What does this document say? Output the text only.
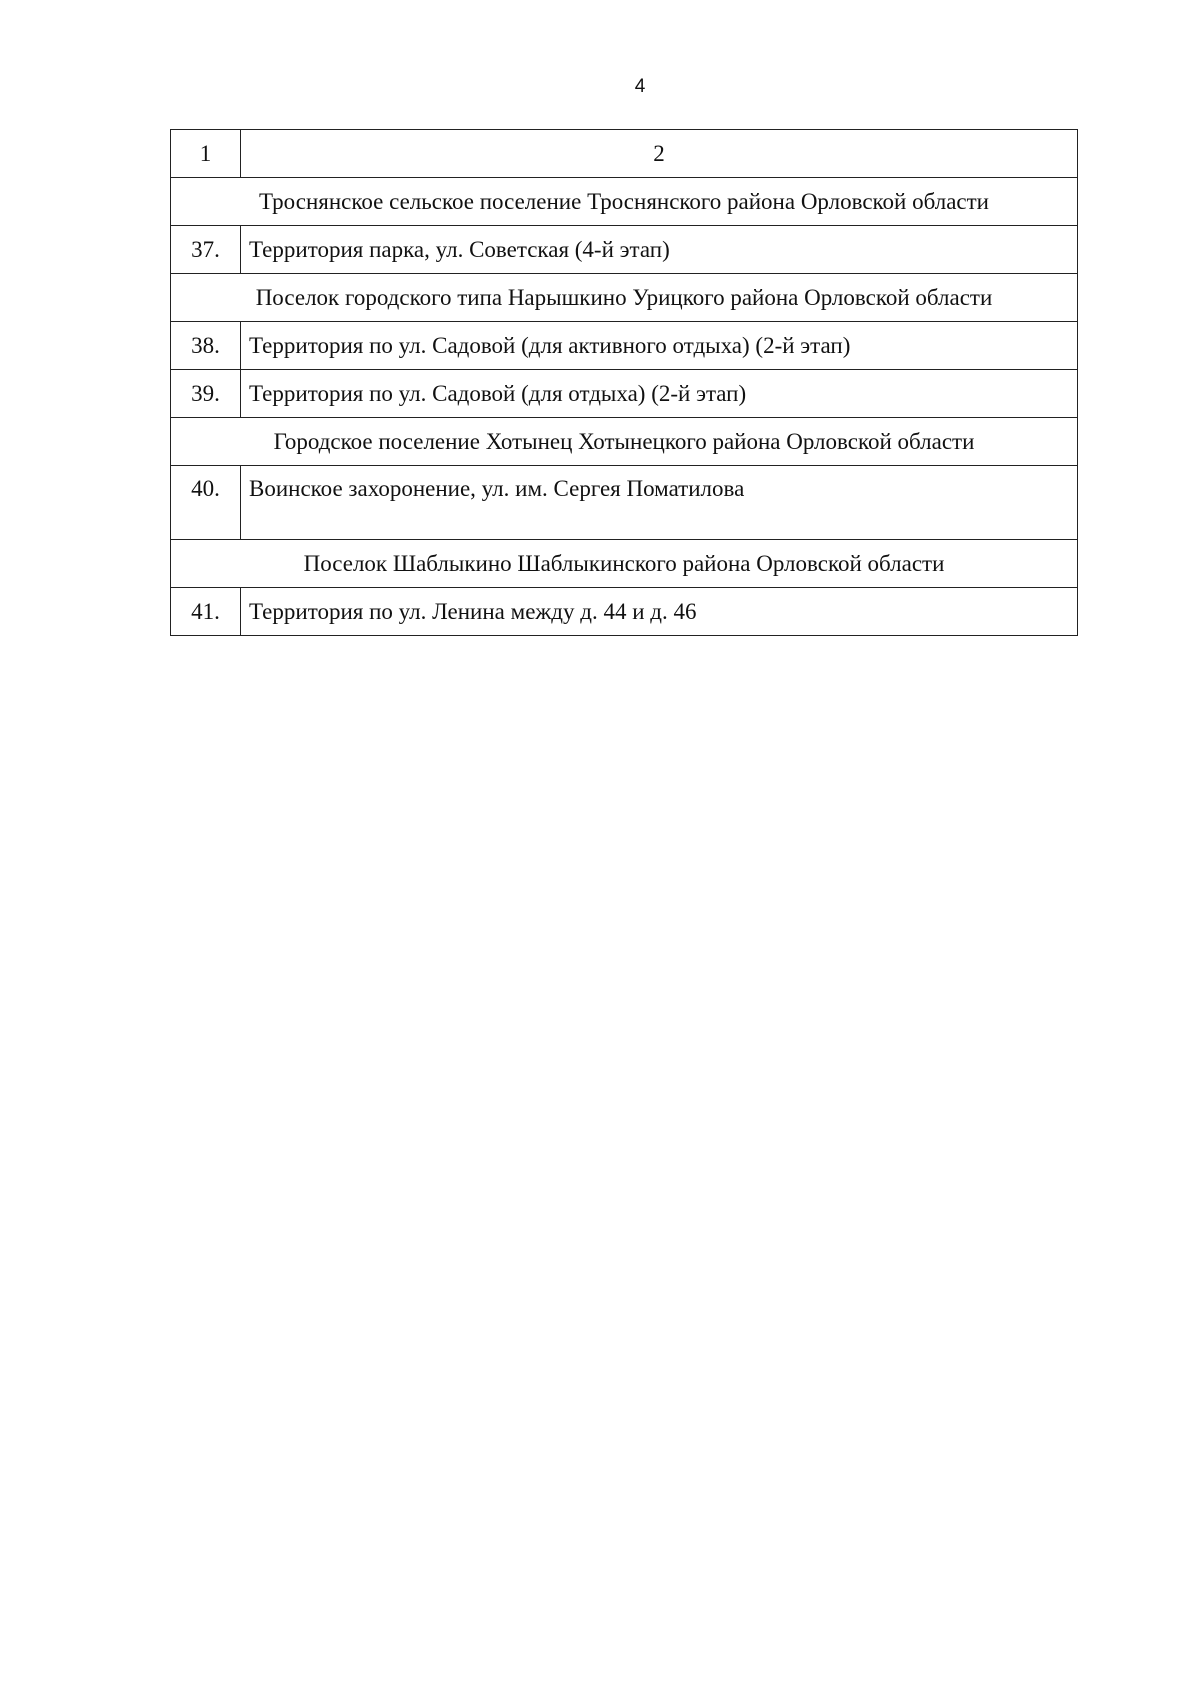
4
1	2
Троснянское сельское поселение Троснянского района Орловской области	
37.	Территория парка, ул. Советская (4-й этап)
Поселок городского типа Нарышкино Урицкого района Орловской области	
38.	Территория по ул. Садовой (для активного отдыха) (2-й этап)
39.	Территория по ул. Садовой (для отдыха) (2-й этап)
Городское поселение Хотынец Хотынецкого района Орловской области	
40.	Воинское захоронение, ул. им. Сергея Поматилова
Поселок Шаблыкино Шаблыкинского района Орловской области	
41.	Территория по ул. Ленина между д. 44 и д. 46
